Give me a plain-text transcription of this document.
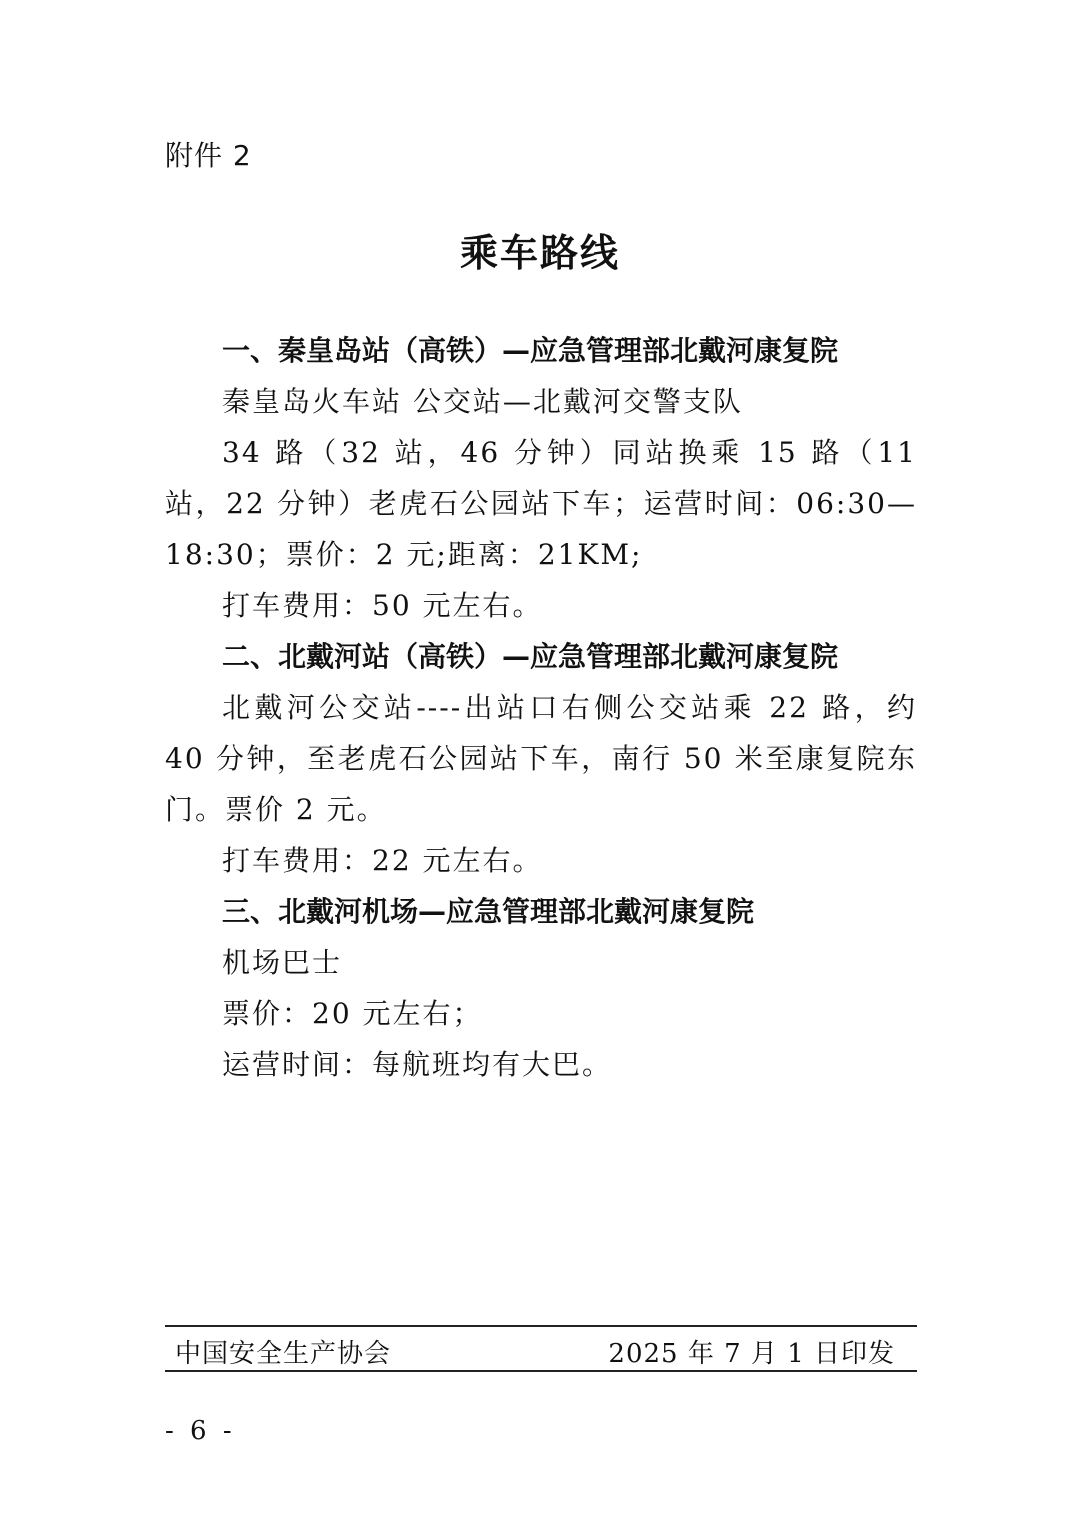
附件 2
乘车路线
一、秦皇岛站（高铁）—应急管理部北戴河康复院
秦皇岛火车站 公交站—北戴河交警支队
34 路（32 站，46 分钟）同站换乘 15 路（11 站，22 分钟）老虎石公园站下车；运营时间：06:30—18:30；票价：2 元;距离：21KM;
打车费用：50 元左右。
二、北戴河站（高铁）—应急管理部北戴河康复院
北戴河公交站----出站口右侧公交站乘 22 路，约 40 分钟，至老虎石公园站下车，南行 50 米至康复院东门。票价 2 元。
打车费用：22 元左右。
三、北戴河机场—应急管理部北戴河康复院
机场巴士
票价：20 元左右；
运营时间：每航班均有大巴。
中国安全生产协会	2025 年 7 月 1 日印发
- 6 -
